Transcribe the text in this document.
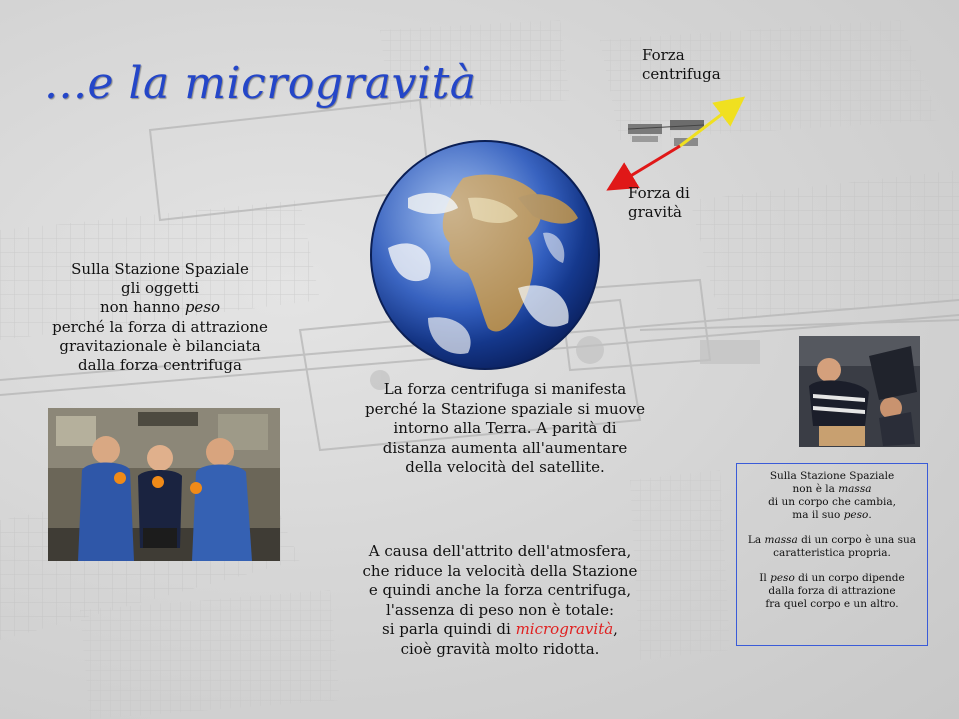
...e la microgravità
Forza
centrifuga
Forza di
gravità
Sulla Stazione Spaziale
gli oggetti
non hanno peso
perché la forza di attrazione
gravitazionale è bilanciata
dalla forza centrifuga
La forza centrifuga si manifesta
perché la Stazione spaziale si muove
intorno alla Terra. A parità di
distanza aumenta all'aumentare
della velocità del satellite.
A causa dell'attrito dell'atmosfera,
che riduce la velocità della Stazione
e quindi anche la forza centrifuga,
l'assenza di peso non è totale:
si parla quindi di microgravità,
cioè gravità molto ridotta.
Sulla Stazione Spaziale
non è la massa
di un corpo che cambia,
ma il suo peso.
La massa di un corpo è una sua
caratteristica propria.
Il peso di un corpo dipende
dalla forza di attrazione
fra quel corpo e un altro.
